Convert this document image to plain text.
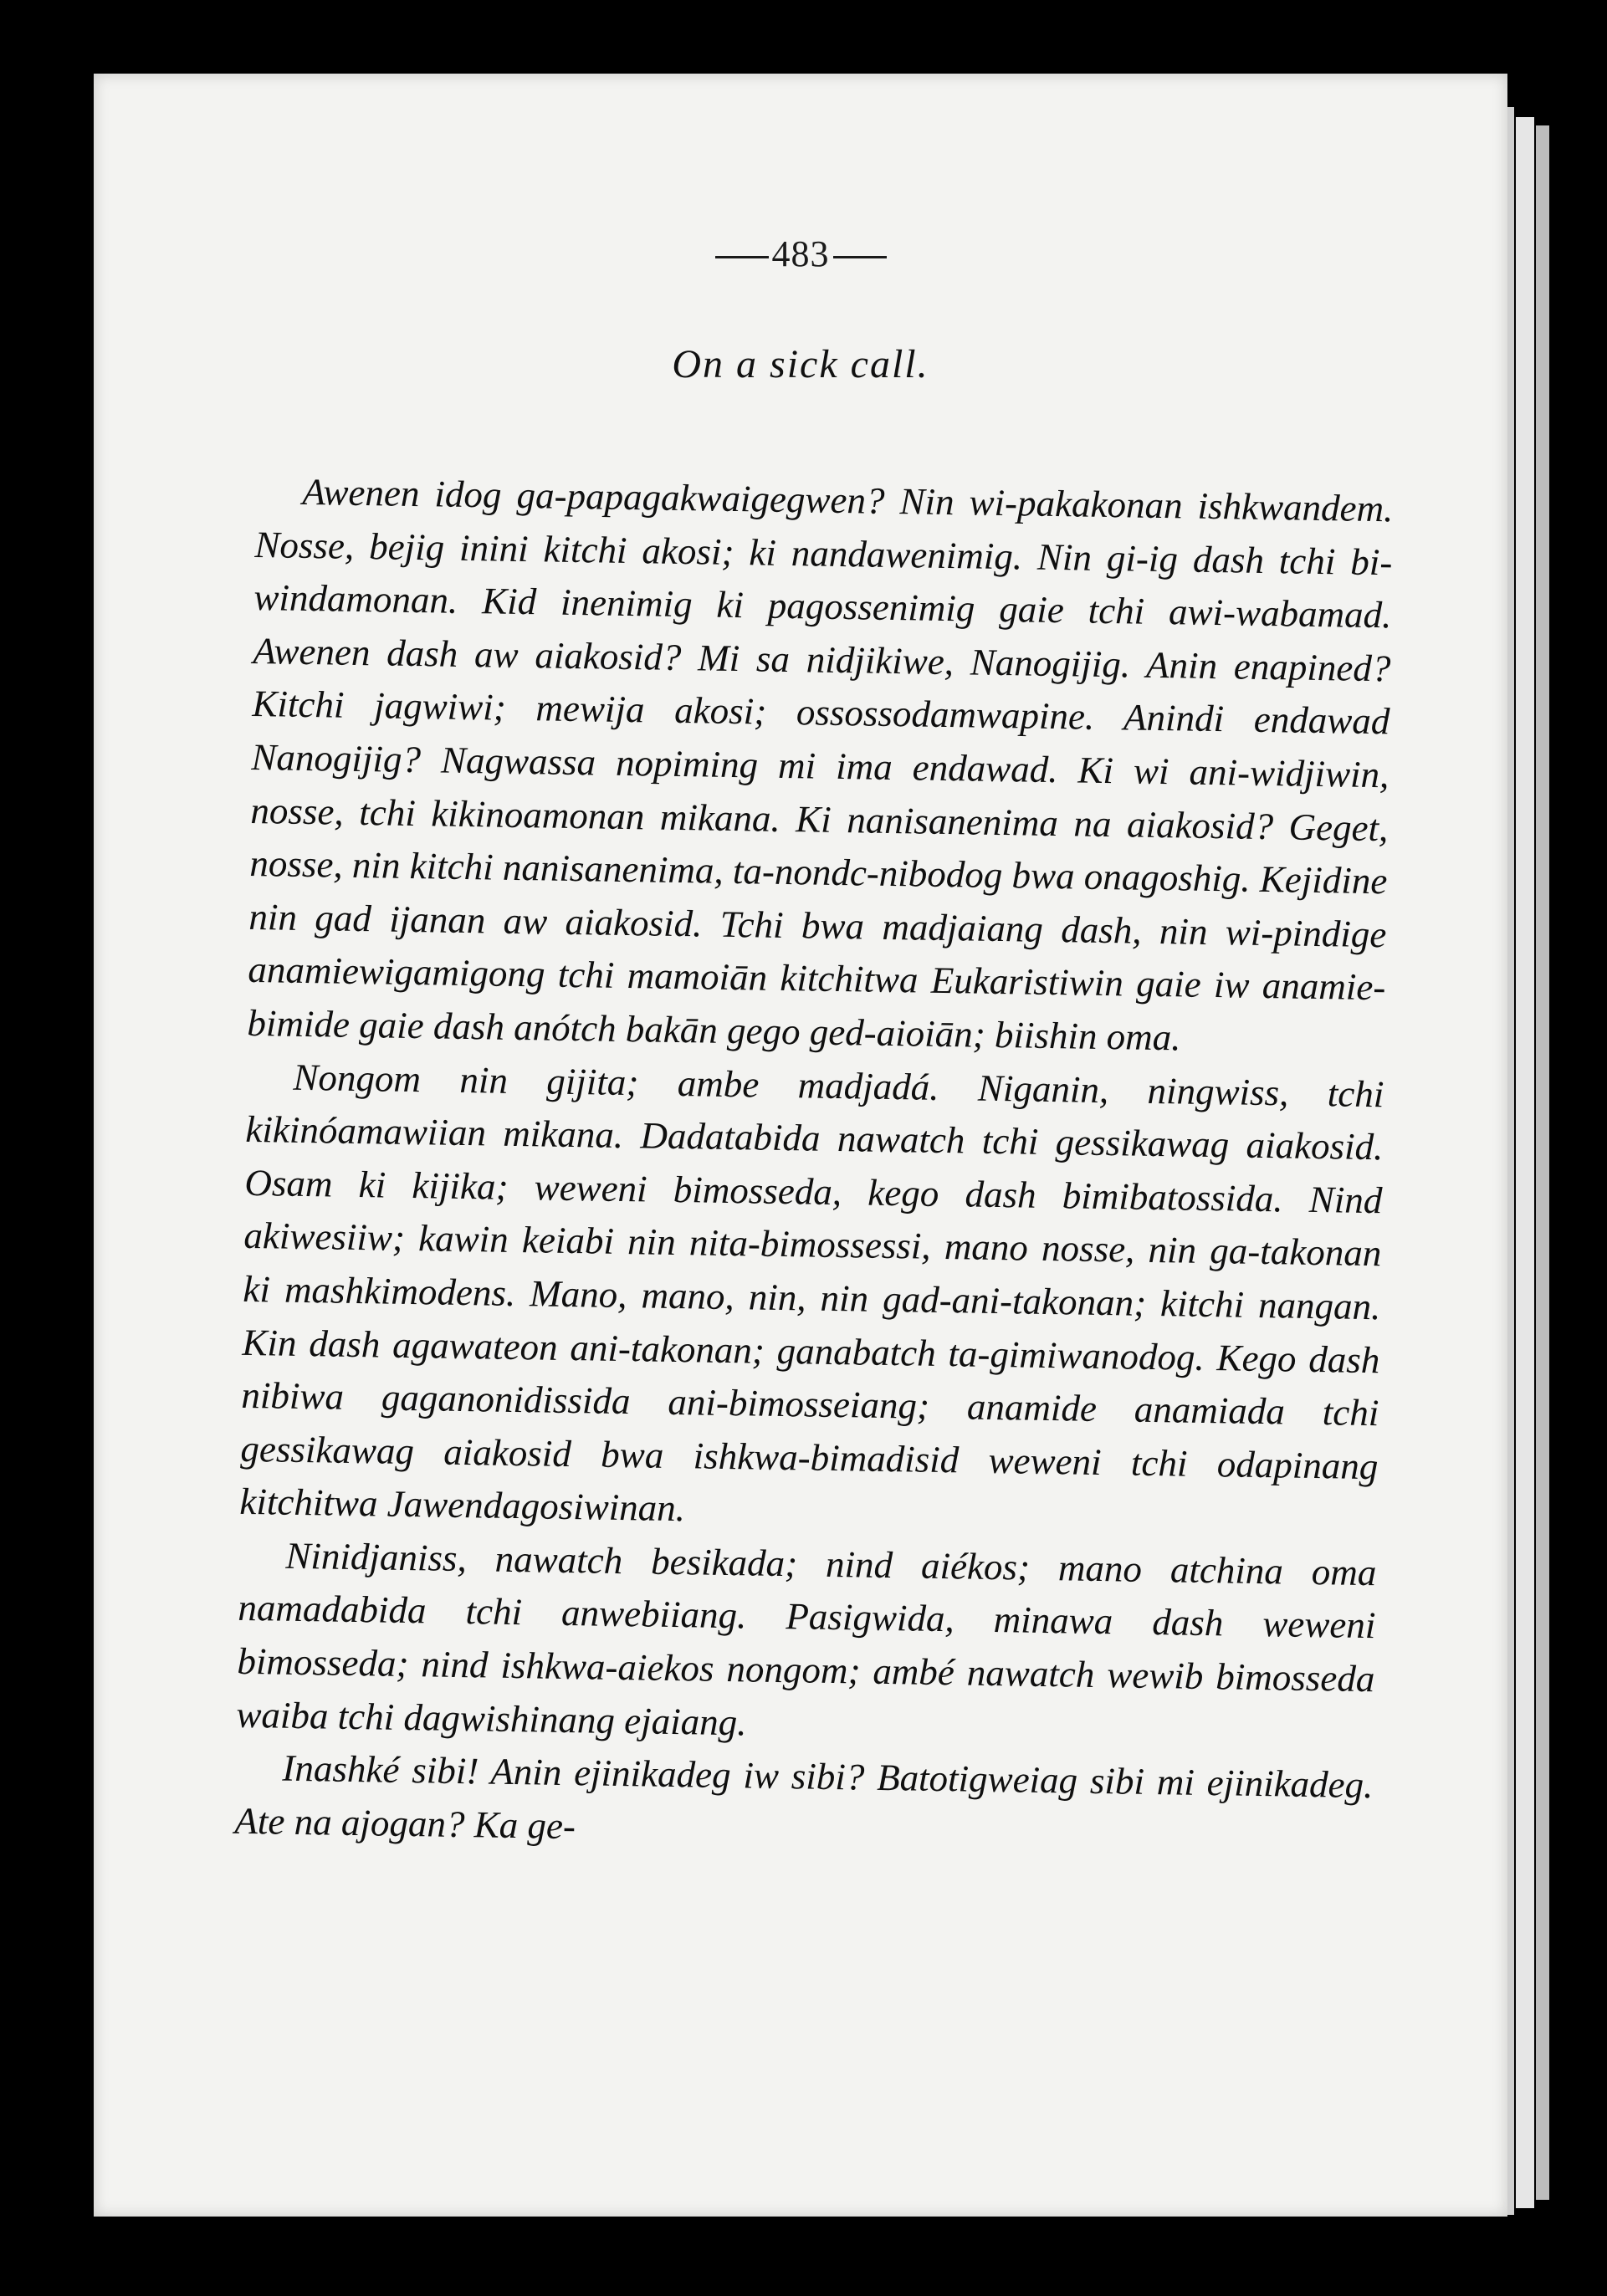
483
On a sick call.

Awenen idog ga-papagakwaigegwen? Nin wi-pakakonan ishkwandem. Nosse, bejig inini kitchi akosi; ki nandawenimig. Nin gi-ig dash tchi bi-windamonan. Kid inenimig ki pagossenimig gaie tchi awi-wabamad. Awenen dash aw aiakosid? Mi sa nidjikiwe, Nanogijig. Anin enapined? Kitchi jagwiwi; mewija akosi; ossossodamwapine. Anindi endawad Nanogijig? Nagwassa nopiming mi ima endawad. Ki wi ani-widjiwin, nosse, tchi kikinoamonan mikana. Ki nanisanenima na aiakosid? Geget, nosse, nin kitchi nanisanenima, ta-nondc-nibodog bwa onagoshig. Kejidine nin gad ijanan aw aiakosid. Tchi bwa madjaiang dash, nin wi-pindige anamiewigamigong tchi mamoiān kitchitwa Eukaristiwin gaie iw anamie-bimide gaie dash anótch bakān gego ged-aioiān; biishin oma.

Nongom nin gijita; ambe madjadá. Niganin, ningwiss, tchi kikinóamawiian mikana. Dadatabida nawatch tchi gessikawag aiakosid. Osam ki kijika; weweni bimosseda, kego dash bimibatossida. Nind akiwesiiw; kawin keiabi nin nita-bimossessi, mano nosse, nin ga-takonan ki mashkimodens. Mano, mano, nin, nin gad-ani-takonan; kitchi nangan. Kin dash agawateon ani-takonan; ganabatch ta-gimiwanodog. Kego dash nibiwa gaganonidissida ani-bimosseiang; anamide anamiada tchi gessikawag aiakosid bwa ishkwa-bimadisid weweni tchi odapinang kitchitwa Jawendagosiwinan.

Ninidjaniss, nawatch besikada; nind aiékos; mano atchina oma namadabida tchi anwebiiang. Pasigwida, minawa dash weweni bimosseda; nind ishkwa-aiekos nongom; ambé nawatch wewib bimosseda waiba tchi dagwishinang ejaiang.

Inashké sibi! Anin ejinikadeg iw sibi? Batotigweiag sibi mi ejinikadeg. Ate na ajogan? Ka ge-
